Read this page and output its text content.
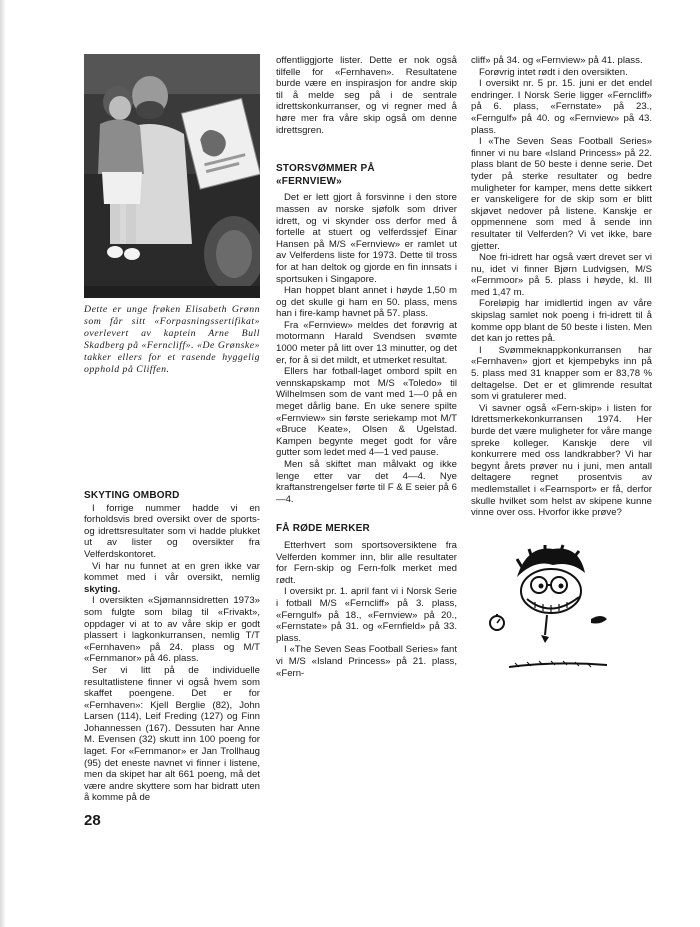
Dette er unge frøken Elisabeth Grønn som får sitt «Forpasningssertifikat» overlevert av kaptein Arne Bull Skadberg på «Ferncliff». «De Grønske» takker ellers for et rasende hyggelig opphold på Cliffen.
SKYTING OMBORD

I forrige nummer hadde vi en forholdsvis bred oversikt over de sports- og idrettsresultater som vi hadde plukket ut av lister og oversikter fra Velferdskontoret.

Vi har nu funnet at en gren ikke var kommet med i vår oversikt, nemlig skyting.

I oversikten «Sjømannsidretten 1973» som fulgte som bilag til «Frivakt», oppdager vi at to av våre skip er godt plassert i lagkonkurransen, nemlig T/T «Fernhaven» på 24. plass og M/T «Fernmanor» på 46. plass.

Ser vi litt på de individuelle resultatlistene finner vi også hvem som skaffet poengene. Det er for «Fernhaven»: Kjell Berglie (82), John Larsen (114), Leif Freding (127) og Finn Johannessen (167). Dessuten har Anne M. Evensen (32) skutt inn 100 poeng for laget. For «Fernmanor» er Jan Trollhaug (95) det eneste navnet vi finner i listene, men da skipet har alt 661 poeng, må det være andre skyttere som har bidratt uten å komme på de

offentliggjorte lister. Dette er nok også tilfelle for «Fernhaven». Resultatene burde være en inspirasjon for andre skip til å melde seg på i de sentrale idrettskonkurranser, og vi regner med å høre mer fra våre skip også om denne idrettsgren.

STORSVØMMER PÅ
«FERNVIEW»

Det er lett gjort å forsvinne i den store massen av norske sjøfolk som driver idrett, og vi skynder oss derfor med å fortelle at stuert og velferdssjef Einar Hansen på M/S «Fernview» er ramlet ut av Velferdens liste for 1973. Dette til tross for at han deltok og gjorde en fin innsats i sportsuken i Singapore.

Han hoppet blant annet i høyde 1,50 m og det skulle gi ham en 50. plass, mens han i fire-kamp havnet på 57. plass.

Fra «Fernview» meldes det forøvrig at motormann Harald Svendsen svømte 1000 meter på litt over 13 minutter, og det er, for å si det mildt, et utmerket resultat.

Ellers har fotball-laget ombord spilt en vennskapskamp mot M/S «Toledo» til Wilhelmsen som de vant med 1—0 på en meget dårlig bane. En uke senere spilte «Fernview» sin første seriekamp mot M/T «Bruce Keate», Olsen & Ugelstad. Kampen begynte meget godt for våre gutter som ledet med 4—1 ved pause.

Men så skiftet man målvakt og ikke lenge etter var det 4—4. Nye kraftanstrengelser førte til F & E seier på 6—4.

FÅ RØDE MERKER

Etterhvert som sportsoversiktene fra Velferden kommer inn, blir alle resultater for Fern-skip og Fern-folk merket med rødt.

I oversikt pr. 1. april fant vi i Norsk Serie i fotball M/S «Ferncliff» på 3. plass, «Ferngulf» på 18., «Fernview» på 20., «Fernstate» på 31. og «Fernfield» på 33. plass.

I «The Seven Seas Football Series» fant vi M/S «Island Princess» på 21. plass, «Fern-

cliff» på 34. og «Fernview» på 41. plass.

Forøvrig intet rødt i den oversikten.

I oversikt nr. 5 pr. 15. juni er det endel endringer. I Norsk Serie ligger «Ferncliff» på 6. plass, «Fernstate» på 23., «Ferngulf» på 40. og «Fernview» på 43. plass.

I «The Seven Seas Football Series» finner vi nu bare «Island Princess» på 22. plass blant de 50 beste i denne serie. Det tyder på sterke resultater og bedre muligheter for kamper, mens dette sikkert er vanskeligere for de skip som er blitt skjøvet nedover på listene. Kanskje er oppmennene som med å sende inn resultater til Velferden? Vi vet ikke, bare gjetter.

Noe fri-idrett har også vært drevet ser vi nu, idet vi finner Bjørn Ludvigsen, M/S «Fernmoor» på 5. plass i høyde, kl. III med 1,47 m.

Foreløpig har imidlertid ingen av våre skipslag samlet nok poeng i fri-idrett til å komme opp blant de 50 beste i listen. Men det kan jo rettes på.

I Svømmeknappkonkurransen har «Fernhaven» gjort et kjempebyks inn på 5. plass med 31 knapper som er 83,78 % deltagelse. Det er et glimrende resultat som vi gratulerer med.

Vi savner også «Fern-skip» i listen for Idrettsmerkekonkurransen 1974. Her burde det være muligheter for våre mange spreke kolleger. Kanskje dere vil konkurrere med oss landkrabber? Vi har begynt årets prøver nu i juni, men antall deltagere regnet prosentvis av medlemstallet i «Fearnsport» er få, derfor skulle hvilket som helst av skipene kunne vinne over oss. Hvorfor ikke prøve?

28
